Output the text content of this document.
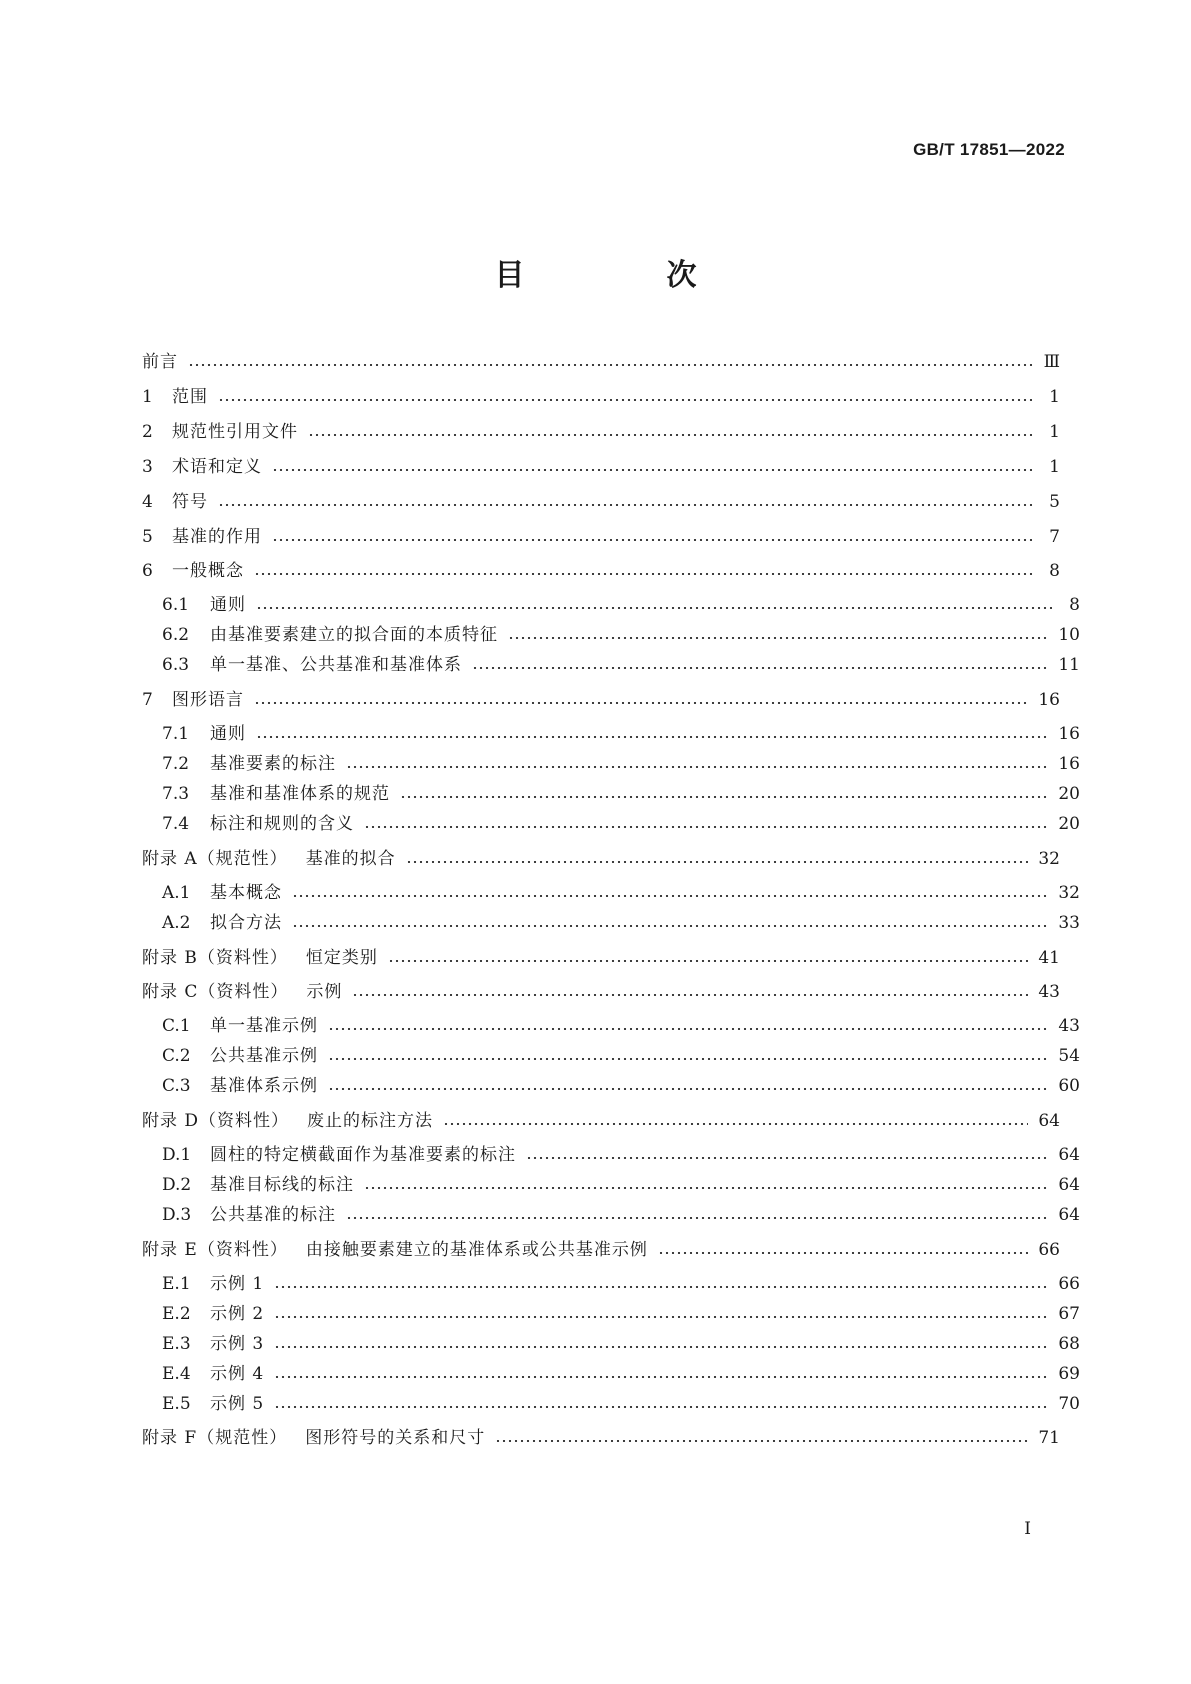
GB/T 17851—2022
目　次
前言	Ⅲ
1	范围	1
2	规范性引用文件	1
3	术语和定义	1
4	符号	5
5	基准的作用	7
6	一般概念	8
6.1	通则	8
6.2	由基准要素建立的拟合面的本质特征	10
6.3	单一基准、公共基准和基准体系	11
7	图形语言	16
7.1	通则	16
7.2	基准要素的标注	16
7.3	基准和基准体系的规范	20
7.4	标注和规则的含义	20
附录 A（规范性） 基准的拟合	32
A.1	基本概念	32
A.2	拟合方法	33
附录 B（资料性） 恒定类别	41
附录 C（资料性） 示例	43
C.1	单一基准示例	43
C.2	公共基准示例	54
C.3	基准体系示例	60
附录 D（资料性） 废止的标注方法	64
D.1	圆柱的特定横截面作为基准要素的标注	64
D.2	基准目标线的标注	64
D.3	公共基准的标注	64
附录 E（资料性） 由接触要素建立的基准体系或公共基准示例	66
E.1	示例 1	66
E.2	示例 2	67
E.3	示例 3	68
E.4	示例 4	69
E.5	示例 5	70
附录 F（规范性） 图形符号的关系和尺寸	71
I
